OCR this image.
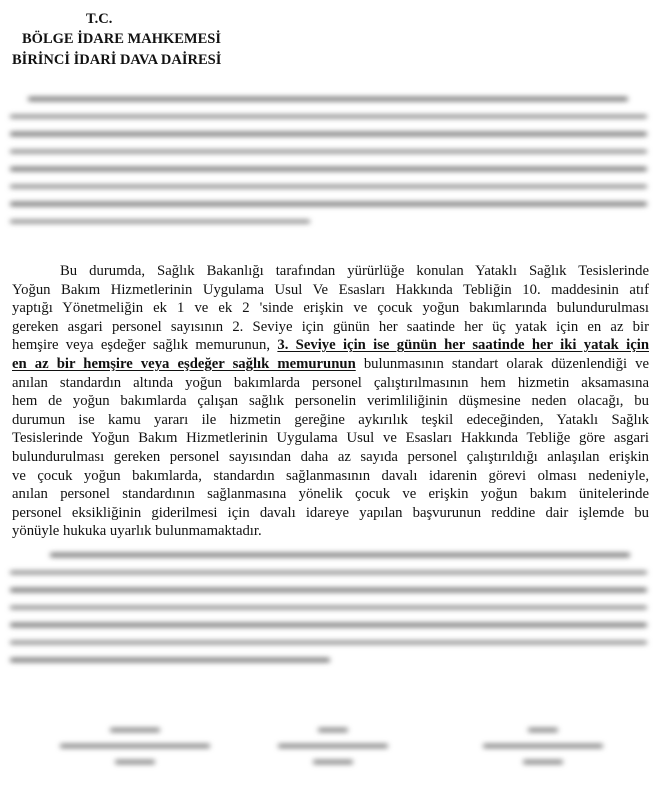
T.C.
BÖLGE İDARE MAHKEMESİ
BİRİNCİ İDARİ DAVA DAİRESİ
Bu durumda, Sağlık Bakanlığı tarafından yürürlüğe konulan Yataklı Sağlık Tesislerinde
Yoğun Bakım Hizmetlerinin Uygulama Usul Ve Esasları Hakkında Tebliğin 10. maddesinin atıf
yaptığı Yönetmeliğin ek 1 ve ek 2 'sinde erişkin ve çocuk yoğun bakımlarında bulundurulması
gereken asgari personel sayısının 2. Seviye için günün her saatinde her üç yatak için en az bir
hemşire veya eşdeğer sağlık memurunun, 3. Seviye için ise günün her saatinde her iki yatak için
en az bir hemşire veya eşdeğer sağlık memurunun bulunmasının standart olarak düzenlendiği ve
anılan standardın altında yoğun bakımlarda personel çalıştırılmasının hem hizmetin aksamasına
hem de yoğun bakımlarda çalışan sağlık personelin verimliliğinin düşmesine neden olacağı, bu
durumun ise kamu yararı ile hizmetin gereğine aykırılık teşkil edeceğinden, Yataklı Sağlık
Tesislerinde Yoğun Bakım Hizmetlerinin Uygulama Usul ve Esasları Hakkında Tebliğe göre asgari
bulundurulması gereken personel sayısından daha az sayıda personel çalıştırıldığı anlaşılan erişkin
ve çocuk yoğun bakımlarda, standardın sağlanmasının davalı idarenin görevi olması nedeniyle,
anılan personel standardının sağlanmasına yönelik çocuk ve erişkin yoğun bakım ünitelerinde
personel eksikliğinin giderilmesi için davalı idareye yapılan başvurunun reddine dair işlemde bu
yönüyle hukuka uyarlık bulunmamaktadır.
